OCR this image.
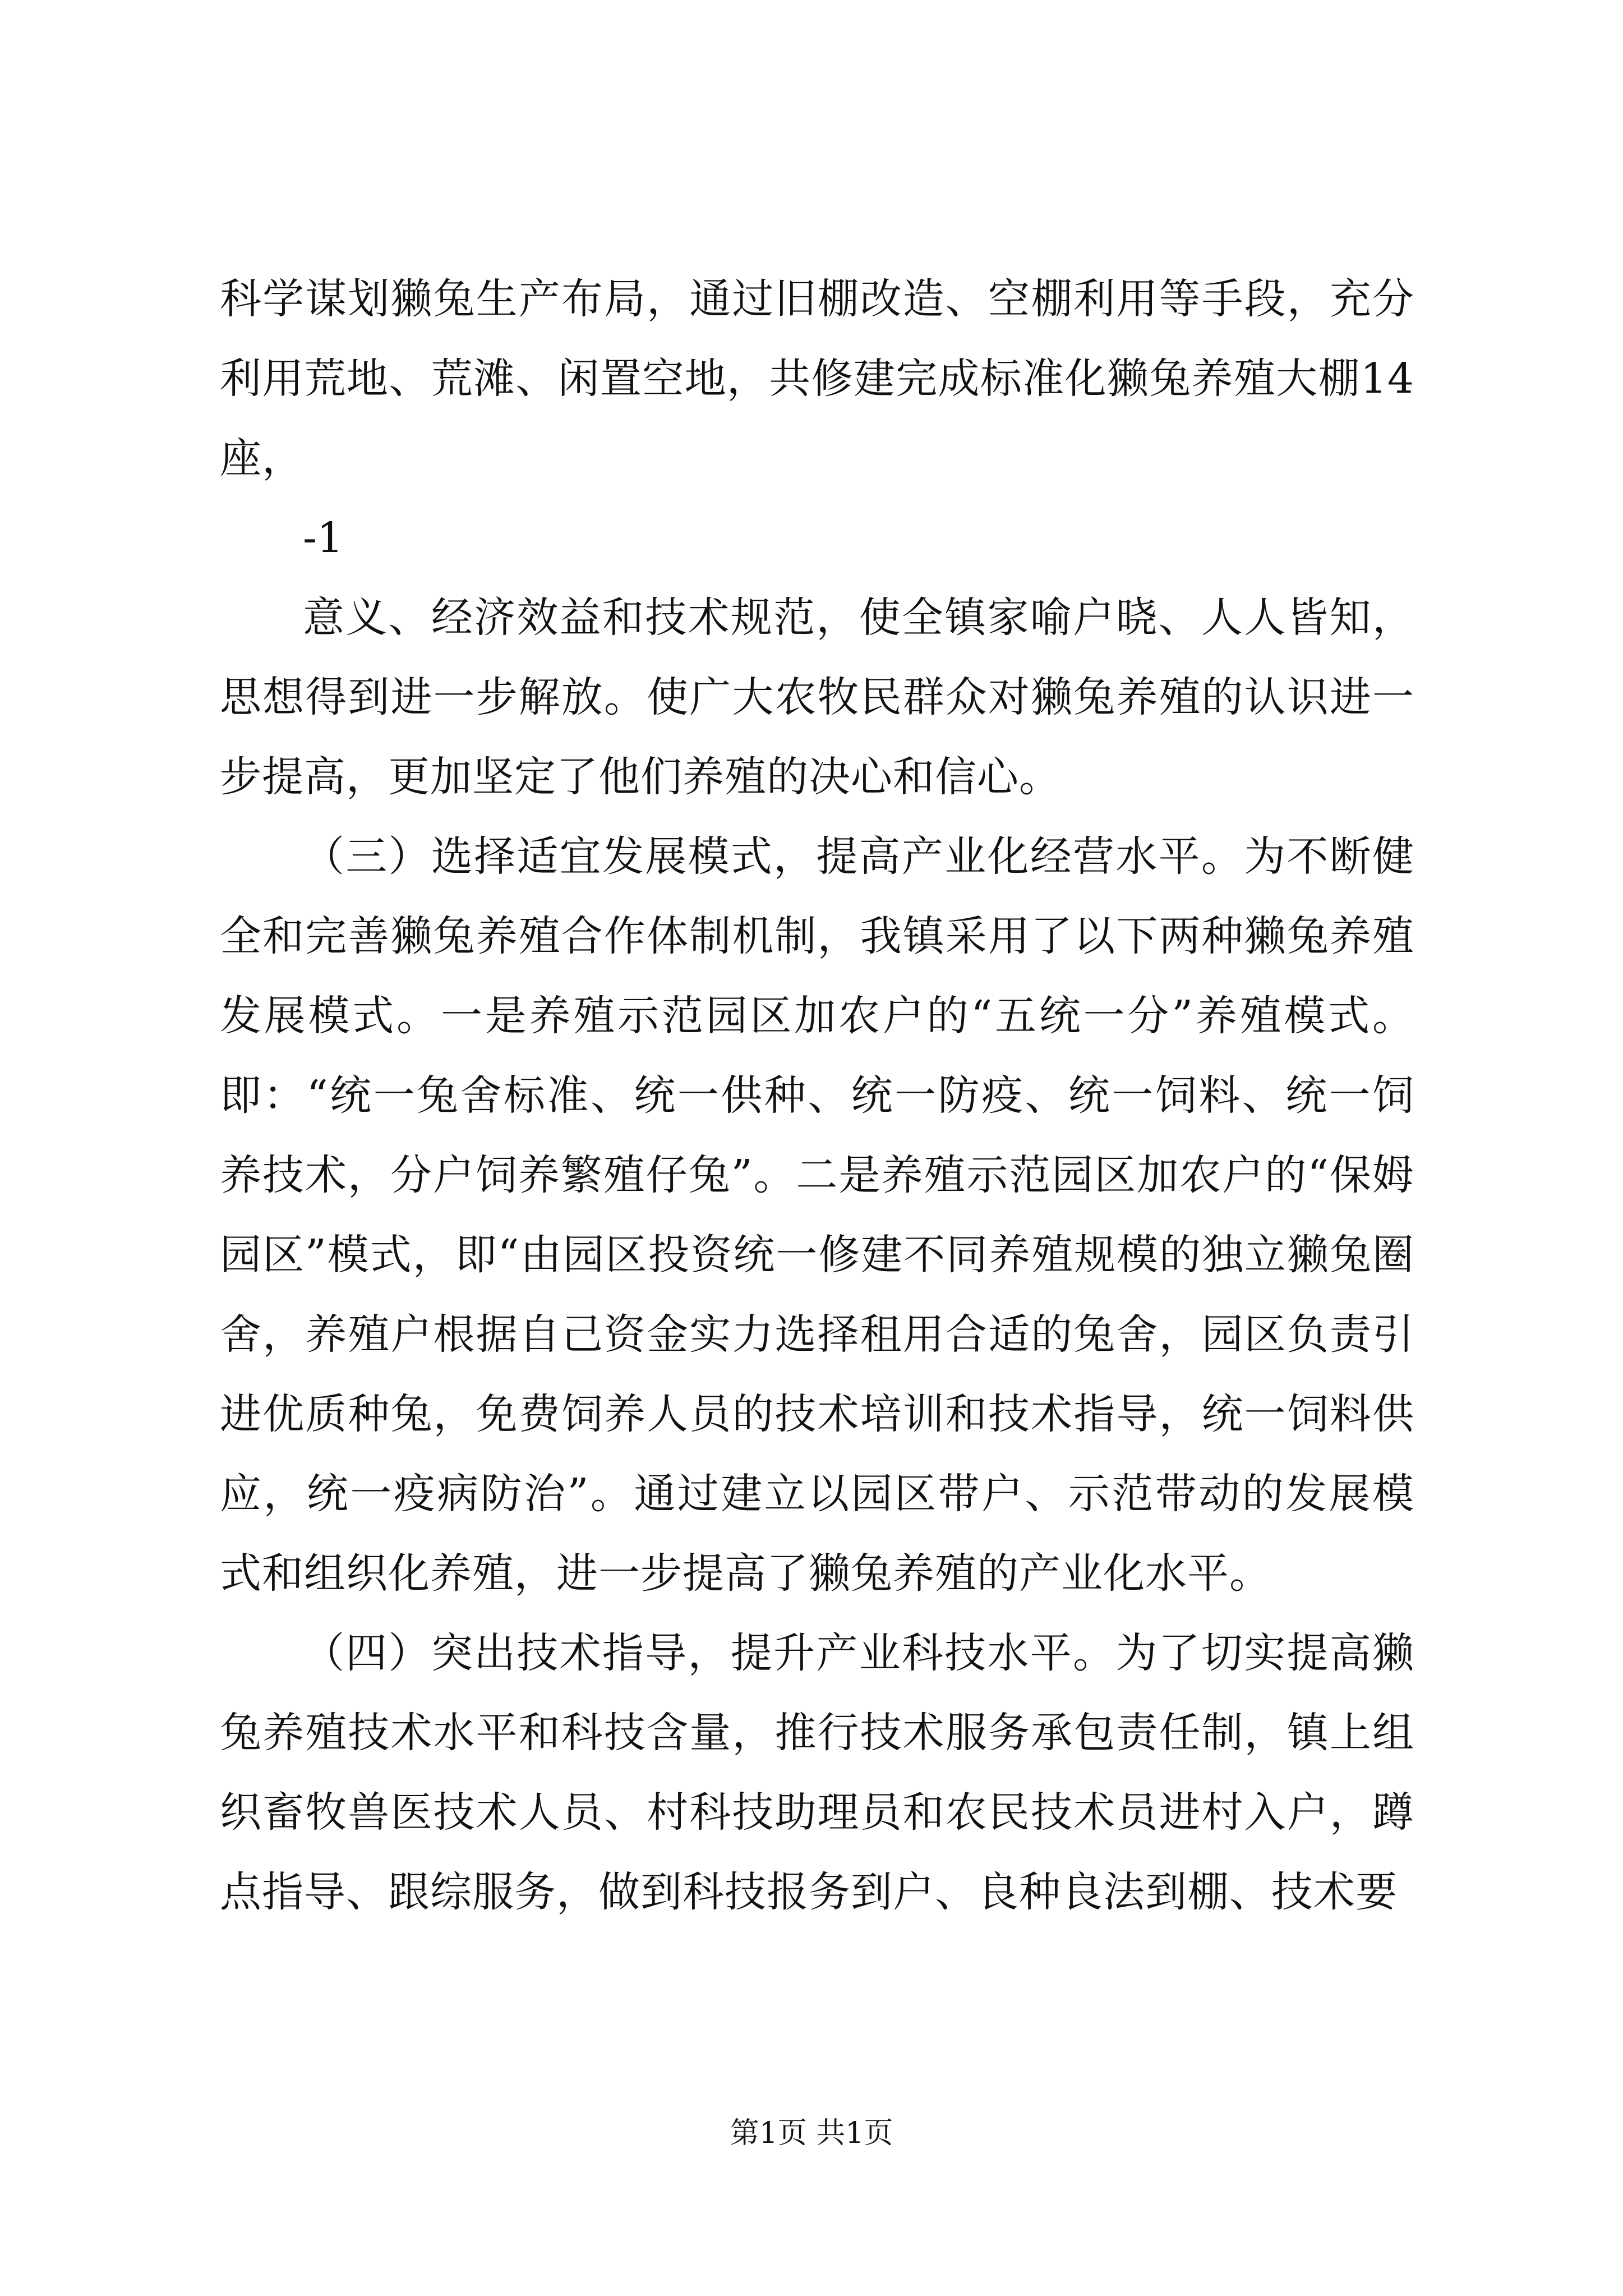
科学谋划獭兔生产布局，通过旧棚改造、空棚利用等手段，充分利用荒地、荒滩、闲置空地，共修建完成标准化獭兔养殖大棚14座，

-1

意义、经济效益和技术规范，使全镇家喻户晓、人人皆知，思想得到进一步解放。使广大农牧民群众对獭兔养殖的认识进一步提高，更加坚定了他们养殖的决心和信心。

（三）选择适宜发展模式，提高产业化经营水平。为不断健全和完善獭兔养殖合作体制机制，我镇采用了以下两种獭兔养殖发展模式。一是养殖示范园区加农户的“五统一分”养殖模式。即：“统一兔舍标准、统一供种、统一防疫、统一饲料、统一饲养技术，分户饲养繁殖仔兔”。二是养殖示范园区加农户的“保姆园区”模式，即“由园区投资统一修建不同养殖规模的独立獭兔圈舍，养殖户根据自己资金实力选择租用合适的兔舍，园区负责引进优质种兔，免费饲养人员的技术培训和技术指导，统一饲料供应，统一疫病防治”。通过建立以园区带户、示范带动的发展模式和组织化养殖，进一步提高了獭兔养殖的产业化水平。

（四）突出技术指导，提升产业科技水平。为了切实提高獭兔养殖技术水平和科技含量，推行技术服务承包责任制，镇上组织畜牧兽医技术人员、村科技助理员和农民技术员进村入户，蹲点指导、跟综服务，做到科技报务到户、良种良法到棚、技术要

第1页 共1页
